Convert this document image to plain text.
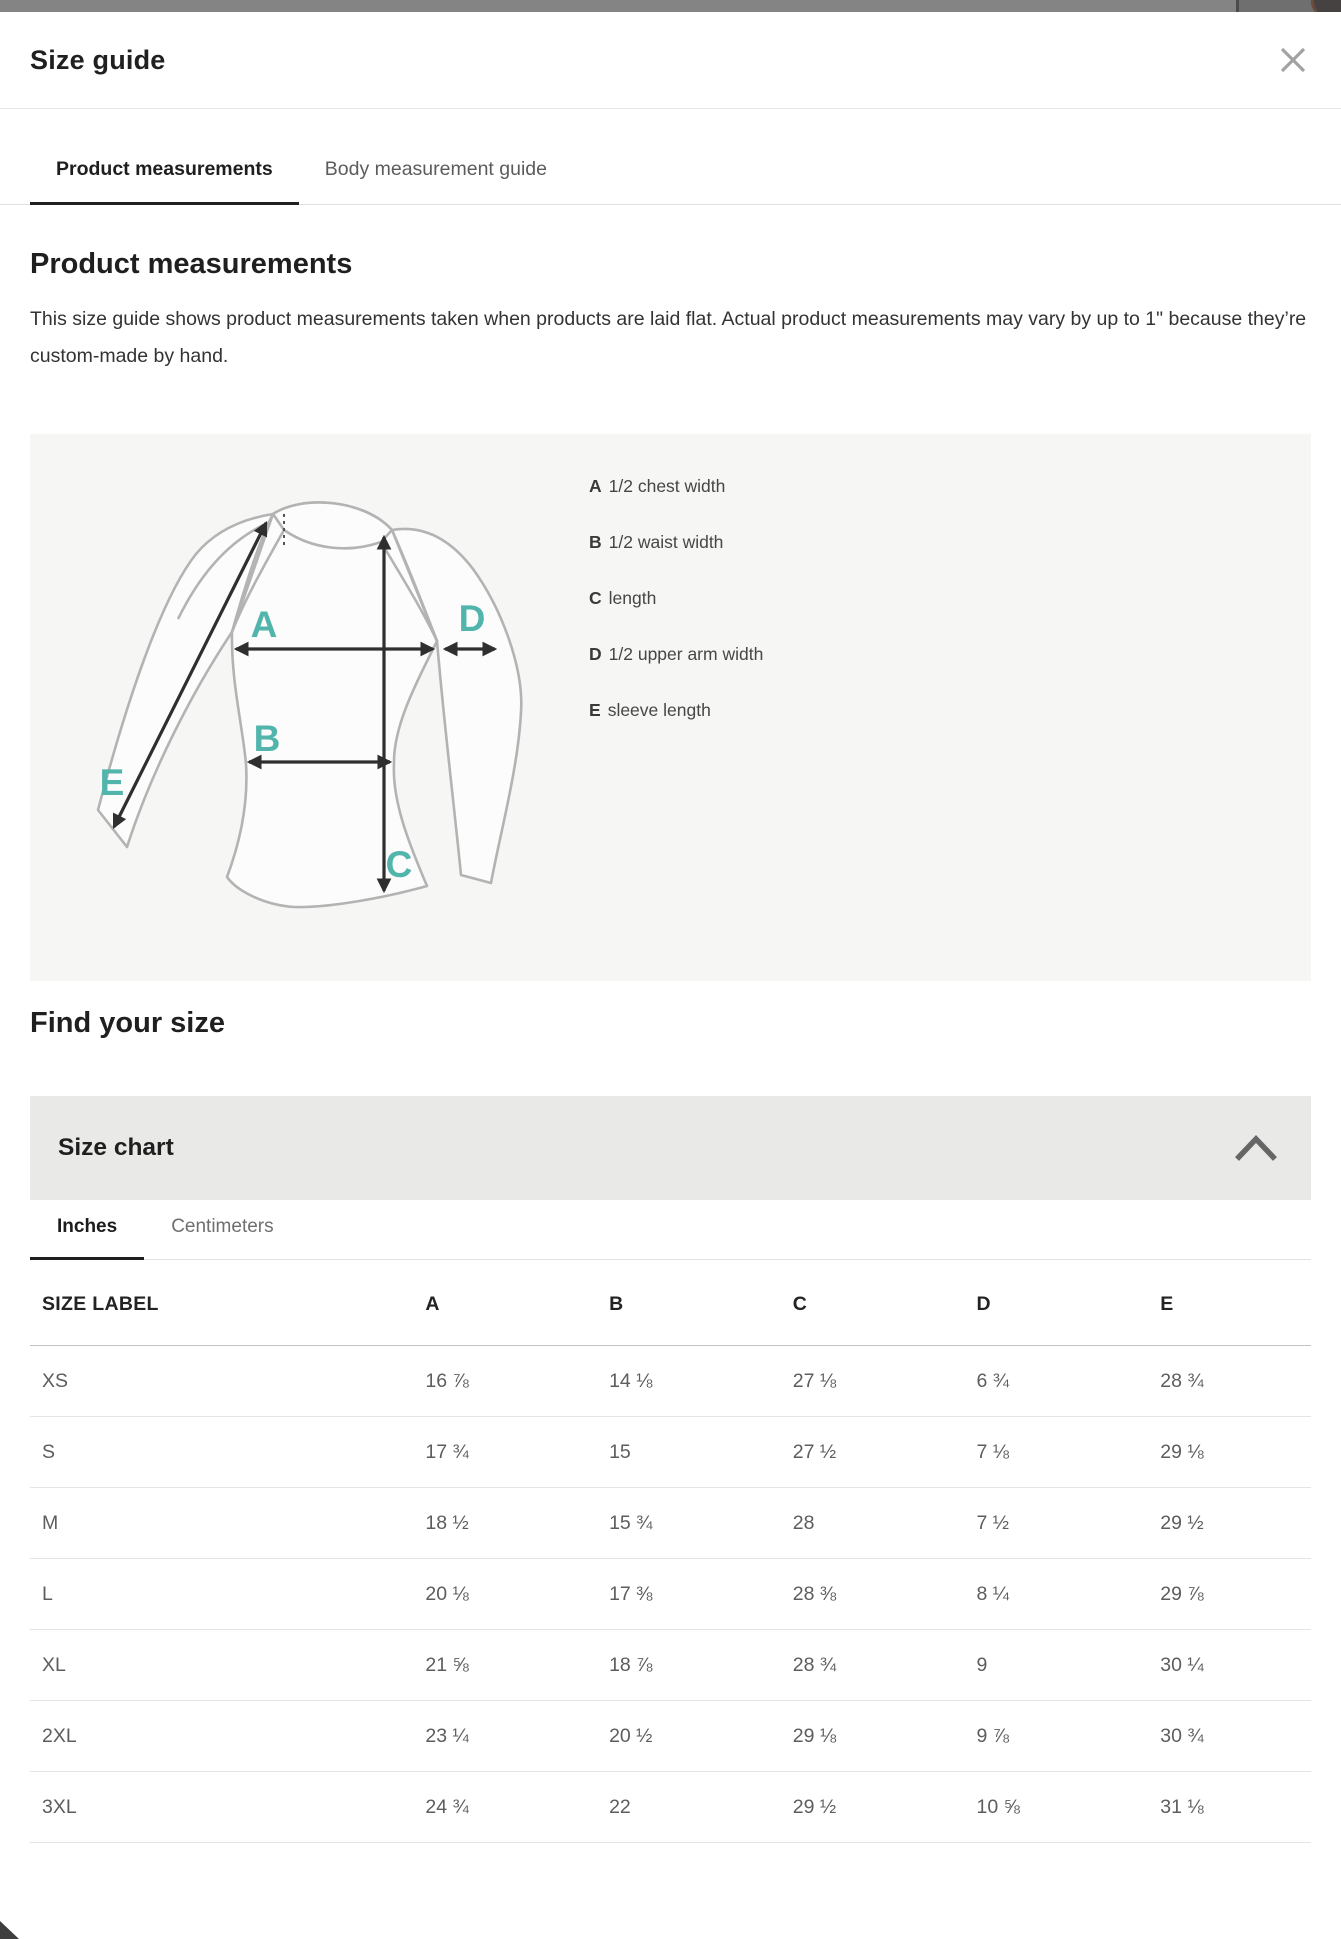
Size guide
Product measurements	Body measurement guide
Product measurements

This size guide shows product measurements taken when products are laid flat. Actual product measurements may vary by up to 1" because they’re custom-made by hand.

A
B
C
D
E
A 1/2 chest width
B 1/2 waist width
C length
D 1/2 upper arm width
E sleeve length
Find your size
Size chart
Inches	Centimeters
SIZE LABEL	A	B	C	D	E
XS	16 ⅞	14 ⅛	27 ⅛	6 ¾	28 ¾
S	17 ¾	15	27 ½	7 ⅛	29 ⅛
M	18 ½	15 ¾	28	7 ½	29 ½
L	20 ⅛	17 ⅜	28 ⅜	8 ¼	29 ⅞
XL	21 ⅝	18 ⅞	28 ¾	9	30 ¼
2XL	23 ¼	20 ½	29 ⅛	9 ⅞	30 ¾
3XL	24 ¾	22	29 ½	10 ⅝	31 ⅛
